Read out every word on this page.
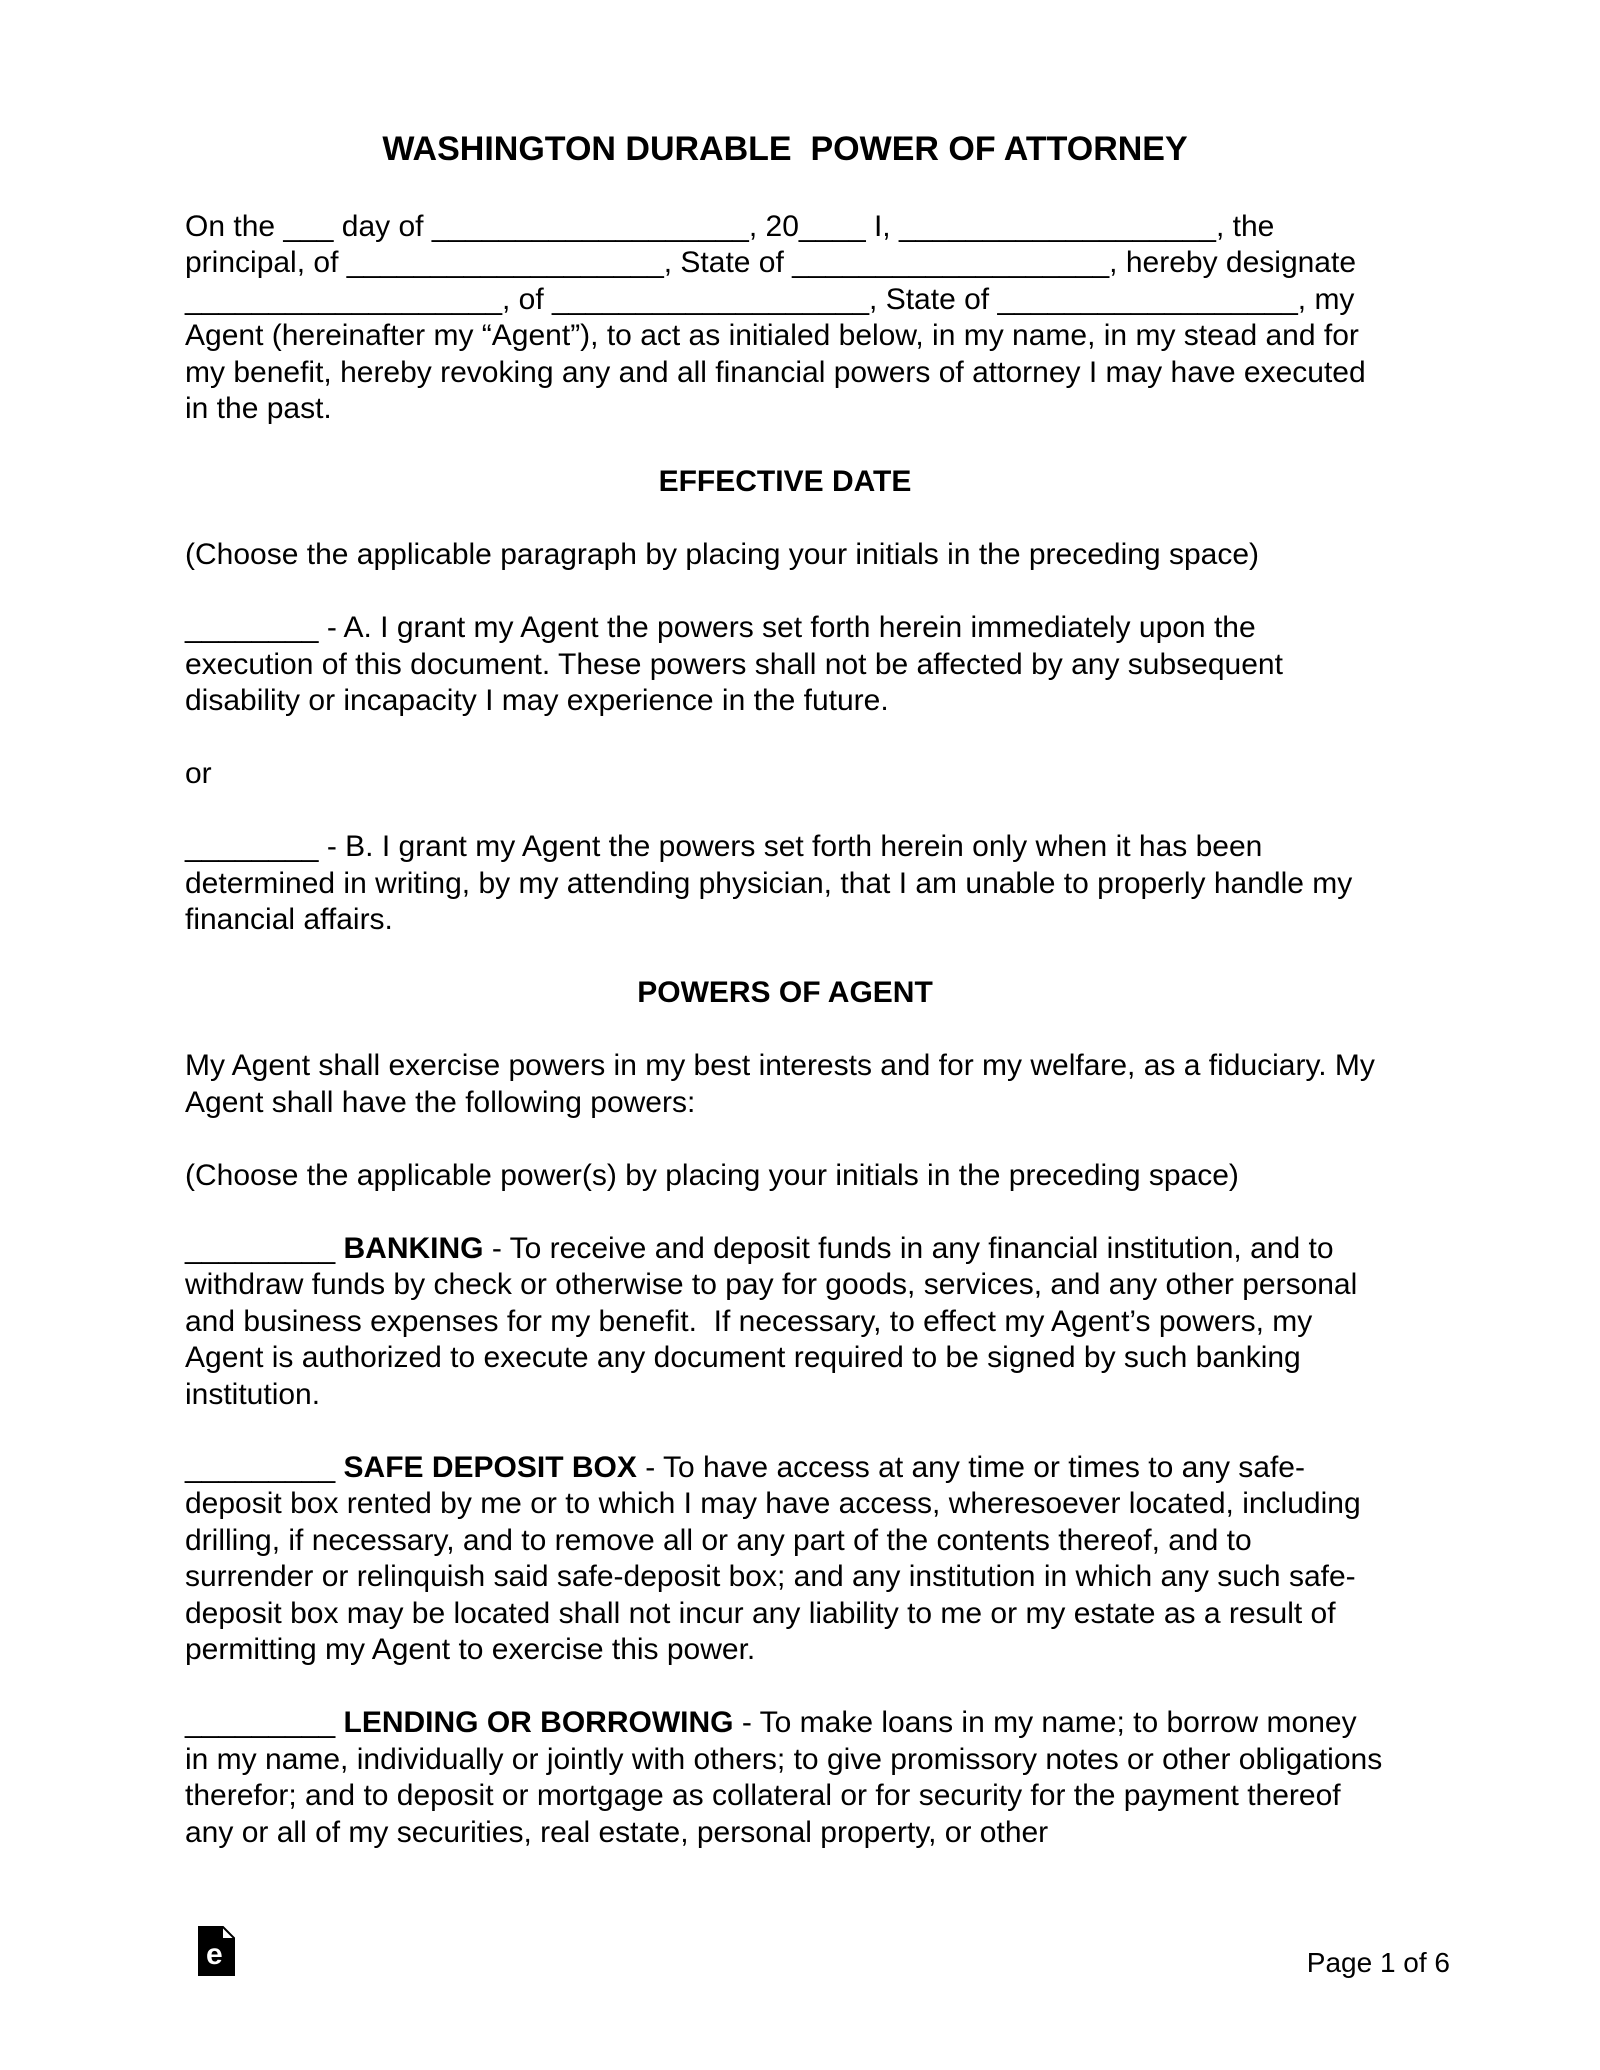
WASHINGTON DURABLE  POWER OF ATTORNEY

On the ___ day of ___________________, 20____ I, ___________________, the principal, of ___________________, State of ___________________, hereby designate ___________________, of ___________________, State of __________________, my Agent (hereinafter my “Agent”), to act as initialed below, in my name, in my stead and for my benefit, hereby revoking any and all financial powers of attorney I may have executed in the past.

EFFECTIVE DATE

(Choose the applicable paragraph by placing your initials in the preceding space)

________ - A. I grant my Agent the powers set forth herein immediately upon the execution of this document. These powers shall not be affected by any subsequent disability or incapacity I may experience in the future.

or

________ - B. I grant my Agent the powers set forth herein only when it has been determined in writing, by my attending physician, that I am unable to properly handle my financial affairs.

POWERS OF AGENT

My Agent shall exercise powers in my best interests and for my welfare, as a fiduciary. My Agent shall have the following powers:

(Choose the applicable power(s) by placing your initials in the preceding space)

_________ BANKING - To receive and deposit funds in any financial institution, and to withdraw funds by check or otherwise to pay for goods, services, and any other personal and business expenses for my benefit.  If necessary, to effect my Agent’s powers, my Agent is authorized to execute any document required to be signed by such banking institution.

_________ SAFE DEPOSIT BOX - To have access at any time or times to any safe-deposit box rented by me or to which I may have access, wheresoever located, including drilling, if necessary, and to remove all or any part of the contents thereof, and to surrender or relinquish said safe-deposit box; and any institution in which any such safe-deposit box may be located shall not incur any liability to me or my estate as a result of permitting my Agent to exercise this power.

_________ LENDING OR BORROWING - To make loans in my name; to borrow money in my name, individually or jointly with others; to give promissory notes or other obligations therefor; and to deposit or mortgage as collateral or for security for the payment thereof any or all of my securities, real estate, personal property, or other

e	Page 1 of 6
